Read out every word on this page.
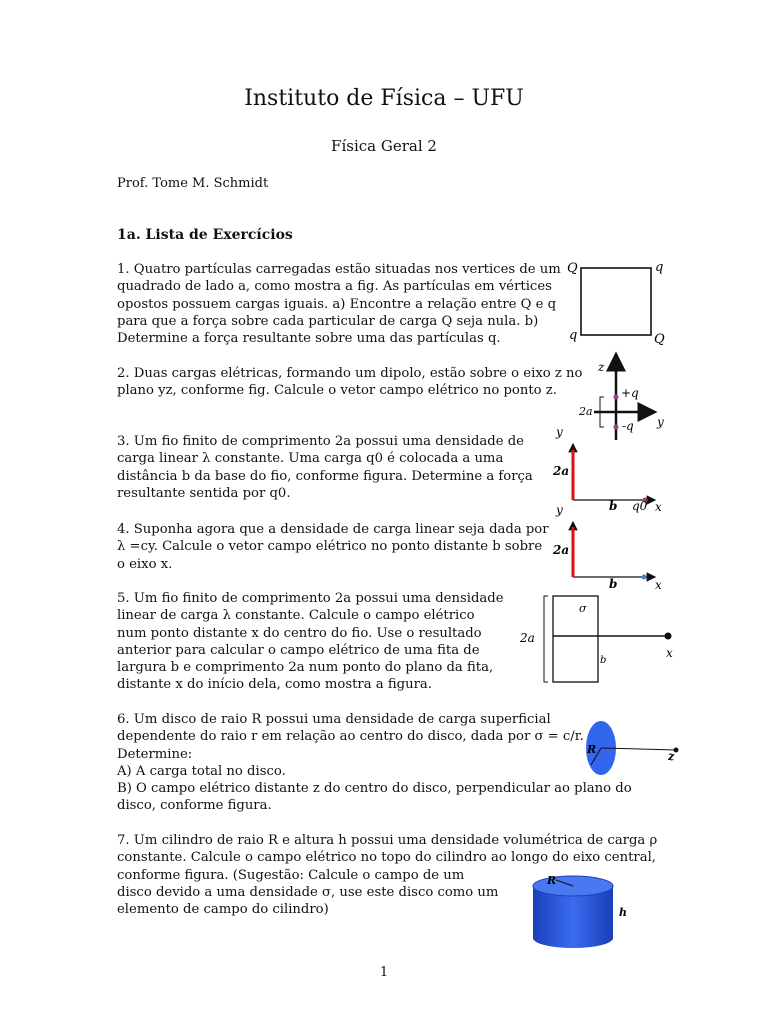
Instituto de Física – UFU
Física Geral 2
Prof. Tome M. Schmidt
1a. Lista de Exercícios
1. Quatro partículas carregadas estão situadas nos vertices de um
quadrado de lado a, como mostra a fig. As partículas em vértices
opostos possuem cargas iguais. a) Encontre a relação entre Q e q
para que a força sobre cada particular de carga Q seja nula. b)
Determine a força resultante sobre uma das partículas q.
2. Duas cargas elétricas, formando um dipolo, estão sobre o eixo z no
plano yz, conforme fig. Calcule o vetor campo elétrico no ponto z.
3. Um fio finito de comprimento 2a possui uma densidade de
carga linear λ constante. Uma carga q0 é colocada a uma
distância b da base do fio, conforme figura. Determine a força
resultante sentida por q0.
4. Suponha agora que a densidade de carga linear seja dada por
λ =cy. Calcule o vetor campo elétrico no ponto distante b sobre
o eixo x.
5. Um fio finito de comprimento 2a possui uma densidade
linear de carga λ constante. Calcule o campo elétrico
num ponto distante x do centro do fio. Use o resultado
anterior para calcular o campo elétrico de uma fita de
largura b e comprimento 2a num ponto do plano da fita,
distante x do início dela, como mostra a figura.
6. Um disco de raio R possui uma densidade de carga superficial
dependente do raio r em relação ao centro do disco, dada por σ = c/r.
Determine:
A) A carga total no disco.
B) O campo elétrico distante z do centro do disco, perpendicular ao plano do
disco, conforme figura.
7. Um cilindro de raio R e altura h possui uma densidade volumétrica de carga ρ
constante. Calcule o campo elétrico no topo do cilindro ao longo do eixo central,
conforme figura. (Sugestão: Calcule o campo de um
disco devido a uma densidade σ, use este disco como um
elemento de campo do cilindro)
1
Q	q
q	Q
z
+q
-q
2a
y
y
2a
b q0 x
y
2a
b	x
σ
2a
b
x
R
z
R
h
